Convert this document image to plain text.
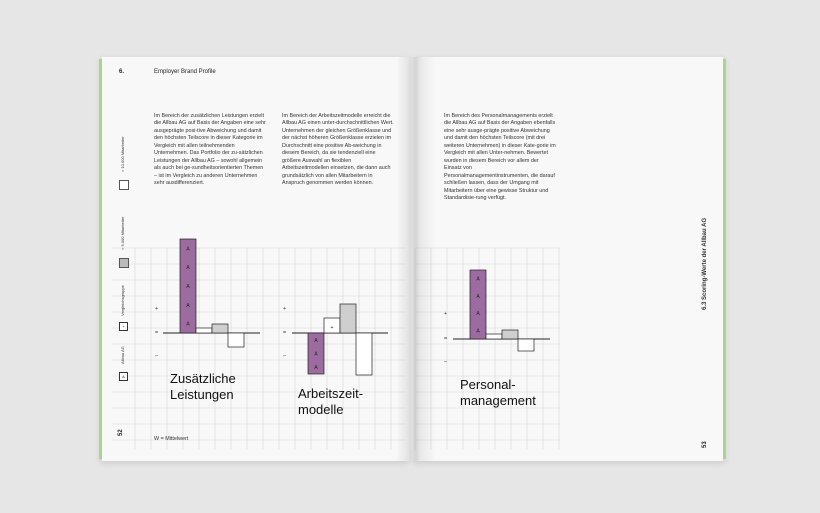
A
A
A
A
A
A
A
A
+
A
A
A
A
6.	Employer Brand Profile
Im Bereich der zusätzlichen Leistungen erzielt die Allbau AG auf Basis der Angaben eine sehr ausgeprägte posi-tive Abweichung und damit den höchsten Teilscore in dieser Kategorie im Vergleich mit allen teilnehmenden Unternehmen. Das Portfolio der zu-sätzlichen Leistungen der Allbau AG – sowohl allgemein als auch bei ge-sundheitsorientierten Themen – ist im Vergleich zu anderen Unternehmen sehr ausdifferenziert.
Im Bereich der Arbeitszeitmodelle erreicht die Allbau AG einen unter-durchschnittlichen Wert. Unternehmen der gleichen Größenklasse und der nächst höheren Größenklasse erzielen im Durchschnitt eine positive Ab-weichung in diesem Bereich, da sie tendenziell eine größere Auswahl an flexiblen Arbeitszeitmodellen einsetzen, die dann auch grundsätzlich von allen Mitarbeitern in Anspruch genommen werden können.
Im Bereich des Personalmanagements erzielt die Allbau AG auf Basis der Angaben ebenfalls eine sehr ausge-prägte positive Abweichung und damit den höchsten Teilscore (mit drei weiteren Unternehmen) in dieser Kate-gorie im Vergleich mit allen Unter-nehmen. Bewertet wurden in diesem Bereich vor allem der Einsatz von Personalmanagementinstrumenten, die darauf schließen lassen, dass der Umgang mit Mitarbeitern über eine gewisse Struktur und Standardisie-rung verfügt.
> 10.000 Mitarbeiter
> 5.000 Mitarbeiter
Vergleichsgruppe
Allbau AG
+
A
+
=
–
+
=
–
+
=
–
Zusätzliche
Leistungen	Arbeitszeit-
modelle
Personal-
management
52
W = Mittelwert
53
6.3 Scoring-Werte der Allbau AG
